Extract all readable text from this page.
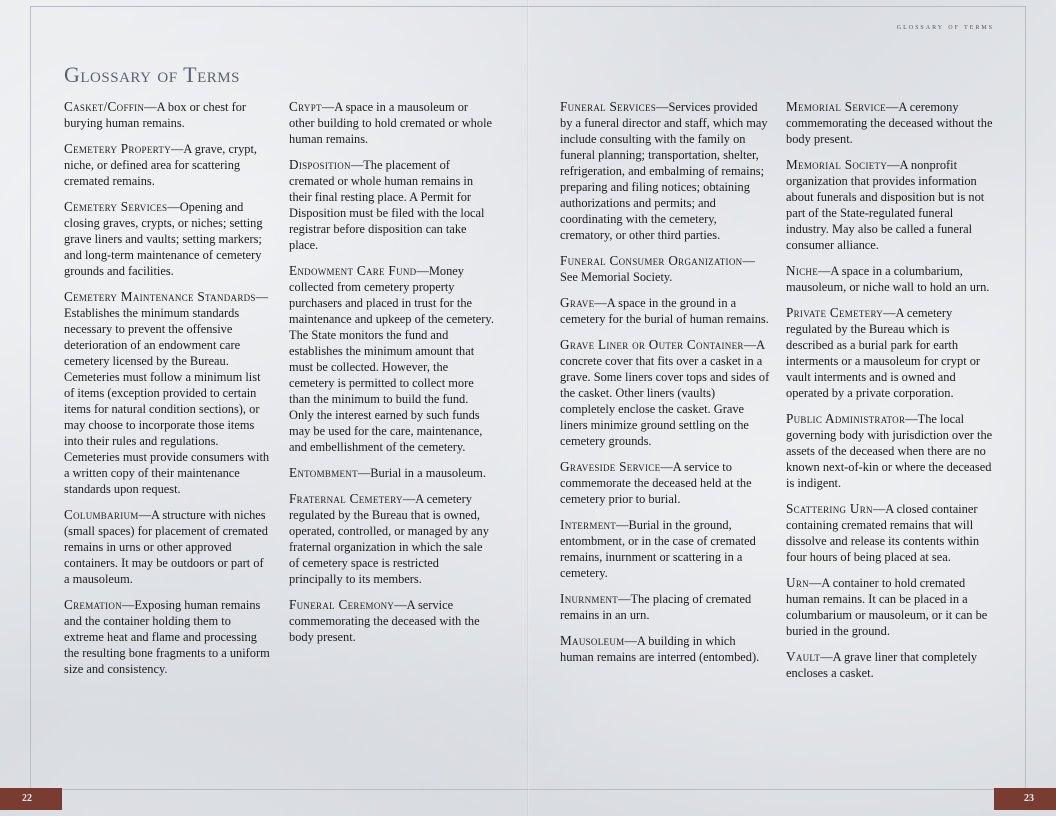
glossary of terms
Glossary of Terms

Casket/Coffin—A box or chest for burying human remains.

Cemetery Property—A grave, crypt, niche, or defined area for scattering cremated remains.

Cemetery Services—Opening and closing graves, crypts, or niches; setting grave liners and vaults; setting markers; and long-term maintenance of cemetery grounds and facilities.

Cemetery Maintenance Standards—Establishes the minimum standards necessary to prevent the offensive deterioration of an endowment care cemetery licensed by the Bureau. Cemeteries must follow a minimum list of items (exception provided to certain items for natural condition sections), or may choose to incorporate those items into their rules and regulations. Cemeteries must provide consumers with a written copy of their maintenance standards upon request.

Columbarium—A structure with niches (small spaces) for placement of cremated remains in urns or other approved containers. It may be outdoors or part of a mausoleum.

Cremation—Exposing human remains and the container holding them to extreme heat and flame and processing the resulting bone fragments to a uniform size and consistency.

Crypt—A space in a mausoleum or other building to hold cremated or whole human remains.

Disposition—The placement of cremated or whole human remains in their final resting place. A Permit for Disposition must be filed with the local registrar before disposition can take place.

Endowment Care Fund—Money collected from cemetery property purchasers and placed in trust for the maintenance and upkeep of the cemetery. The State monitors the fund and establishes the minimum amount that must be collected. However, the cemetery is permitted to collect more than the minimum to build the fund. Only the interest earned by such funds may be used for the care, maintenance, and embellishment of the cemetery.

Entombment—Burial in a mausoleum.

Fraternal Cemetery—A cemetery regulated by the Bureau that is owned, operated, controlled, or managed by any fraternal organization in which the sale of cemetery space is restricted principally to its members.

Funeral Ceremony—A service commemorating the deceased with the body present.

Funeral Services—Services provided by a funeral director and staff, which may include consulting with the family on funeral planning; transportation, shelter, refrigeration, and embalming of remains; preparing and filing notices; obtaining authorizations and permits; and coordinating with the cemetery, crematory, or other third parties.

Funeral Consumer Organization—See Memorial Society.

Grave—A space in the ground in a cemetery for the burial of human remains.

Grave Liner or Outer Container—A concrete cover that fits over a casket in a grave. Some liners cover tops and sides of the casket. Other liners (vaults) completely enclose the casket. Grave liners minimize ground settling on the cemetery grounds.

Graveside Service—A service to commemorate the deceased held at the cemetery prior to burial.

Interment—Burial in the ground, entombment, or in the case of cremated remains, inurnment or scattering in a cemetery.

Inurnment—The placing of cremated remains in an urn.

Mausoleum—A building in which human remains are interred (entombed).

Memorial Service—A ceremony commemorating the deceased without the body present.

Memorial Society—A nonprofit organization that provides information about funerals and disposition but is not part of the State-regulated funeral industry. May also be called a funeral consumer alliance.

Niche—A space in a columbarium, mausoleum, or niche wall to hold an urn.

Private Cemetery—A cemetery regulated by the Bureau which is described as a burial park for earth interments or a mausoleum for crypt or vault interments and is owned and operated by a private corporation.

Public Administrator—The local governing body with jurisdiction over the assets of the deceased when there are no known next-of-kin or where the deceased is indigent.

Scattering Urn—A closed container containing cremated remains that will dissolve and release its contents within four hours of being placed at sea.

Urn—A container to hold cremated human remains. It can be placed in a columbarium or mausoleum, or it can be buried in the ground.

Vault—A grave liner that completely encloses a casket.

22	23
